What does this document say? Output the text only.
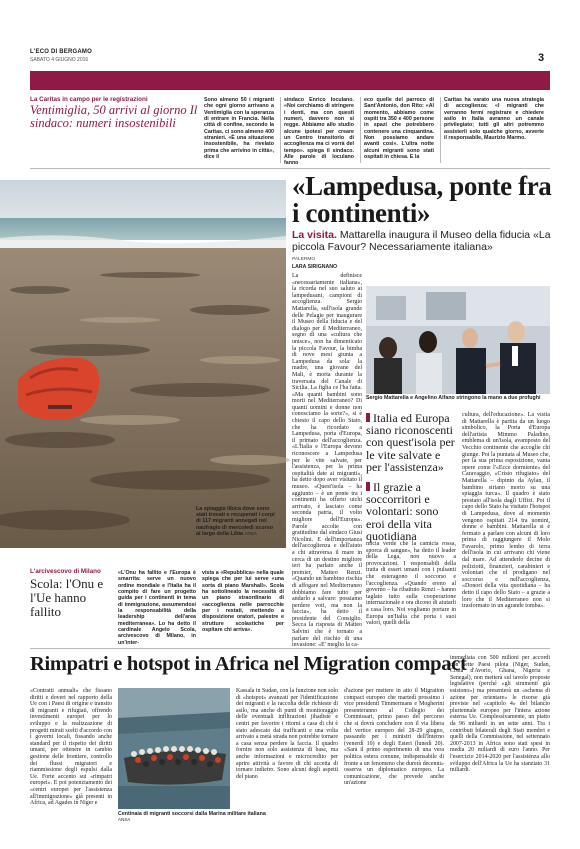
L'ECO DI BERGAMO
SABATO 4 GIUGNO 2016	3
La Caritas in campo per le registrazioni
Ventimiglia, 50 arrivi al giorno Il sindaco: numeri insostenibili
Sono almeno 50 i migranti che ogni giorno arrivano a Ventimiglia con la speranza di entrare in Francia. Nella città di confine, secondo la Caritas, ci sono almeno 400 stranieri. «È una situazione insostenibile, ha rivelato prima che arrivino in città», dice il
sindaco Enrico Ioculano. «Noi cerchiamo di stringere i denti, ma con questi numeri, davvero non si regge. Abbiamo allo studio alcune ipotesi per creare un Centro transitorio di accoglienza ma ci vorrà del tempo». spiega il sindaco. Alle parole di Ioculano fanno
eco quelle del parroco di Sant'Antonio, don Rito: «Al momento, abbiamo come ospiti tra 350 e 400 persone in spazi che potrebbero contenere una cinquantina. Non possiamo andare avanti così». L'ultra notte alcuni migranti sono stati ospitati in chiesa. E la
Caritas ha varato una nuova strategia di accoglienza: «I migranti che verranno fermi registrare e chiedere asilo in Italia avranno un canale privilegiato; tutti gli altri potremmo assisterli solo qualche giorno, avverte il responsabile, Maurizio Marmo.
La spiaggia libica dove sono stati trovati e recuperati i corpi di 117 migranti annegati nel naufragio di mercoledì scorso al largo della Libia ANSA
«Lampedusa, ponte fra i continenti»
La visita. Mattarella inaugura il Museo della fiducia «La piccola Favour? Necessariamente italiana»
PALERMO
LARA SIRIGNANO
La definisce «necessariamente italiana», la ricorda nel suo saluto ai lampedusani, campioni di accoglienza. Sergio Mattarella, sull'isola grande delle Pelagie per inaugurare il Museo della fiducia e del dialogo per il Mediterraneo, segno di una «cultura che unisce», non ha dimenticato la piccola Favour, la bimba di nove mesi giunta a Lampedusa da sola: la madre, una giovane del Mali, è morta durante la traversata del Canale di Sicilia. La figlia ce l'ha fatta. «Ma quanti bambini sono morti nel Mediterraneo? Di quanti uomini e donne non conosciamo la sorte?», si è chiesto il capo dello Stato, che ha ricordato a Lampedusa, porta d'Europa, il primato dell'accoglienza. «L'Italia e l'Europa devono riconoscere a Lampedusa per le vite salvate, per l'assistenza, per la prima ospitalità date ai migranti», ha detto dopo aver visitato il museo. «Quest'isola – ha aggiunto – è un ponte tra i continenti ha offerto uichi arrivato, è lasciato come seconda patria, il volto migliore dell'Europa». Parole accolte con gratitudine dal sindaco Giusi Nicolini. E dell'importanza dell'accoglienza e dell'aiuto a chi attraversa il mare in cerca di un destino migliore ieri ha parlato anche il premier, Matteo Renzi. «Quando un bambino rischia di affogare nel Mediterraneo dobbiamo fare tutto per andarlo a salvare: possiamo perdere voti, ma non la faccia», ha detto il presidente del Consiglio. Secca la risposta di Matteo Salvini che è tornato a parlare del rischio di una invasione: «E' meglio la ca-
Sergio Mattarella e Angelino Alfano stringono la mano a due profughi
Italia ed Europa siano riconoscenti con quest'isola per le vite salvate e per l'assistenza»
Il grazie a soccorritori e volontari: sono eroi della vita quotidiana
micia verde che la camicia rossa, sporca di sangue», ha detto il leader della Lega, non nuovo a provocazioni. I responsabili della tratta di esseri umani con i pulsanti che esteragono il soccorso e l'accoglienza. «Quando ereno al governo – ha ribattuto Renzi – hanno taglato tutto sulla cooperazione internazionale e ora dicono di aiutarli a casa loro. Noi vogliamo portare in Europa un'Italia che porta i suoi valori, quelli della
cultura, dell'educazione». La visita di Mattarella è partita da un luogo simbolico, la Porta d'Europa dell'artista Mimmo Paladino, emblema di un'isola, avamposto del Vecchio continente che accoglie chi giunge. Poi la puntata al Museo che, per la sua prima esposizione, vanta opere come l'«Ecce dormiente» del Caravaggio, «Cristo rifugiato» del Mattarella – dipinto da Aylan, il bambino siriano morto su una spiaggia turca». Il quadro è stato prestato all'isola dagli Uffizi. Poi il capo dello Stato ha visitato l'hotspot di Lampedusa, dove al momento vengono ospitati 214 tra uomini, donne e bambini. Mattarella si è fermato a parlare con alcuni di loro prima di raggiungere il Molo Favarolo, primo lembo di terra dell'isola in cui arrivano chi viene dal mare. Ad attenderlo decine di poliziotti, finanzieri, carabinieri e volontari che el prodigano nel soccorso e nell'accoglienza, «Donori della vita quotidiana – ha detto il capo dello Stato – a grazie a loro che il Mediterraneo non si trasformato in un agrande tomba».
L'arcivescovo di Milano
Scola: l'Onu e l'Ue hanno fallito
«L'Onu ha fallito e l'Europa è smarrita: serve un nuovo ordine mondiale e l'Italia ha il compito di fare un progetto guida per i continenti in tema di immigrazione, assumendosi la responsabilità della leadership dell'area mediterranea». Lo ha detto il cardinale Angelo Scola, arcivescovo di Milano, in un'inter-
vista a «Repubblica» nella quale spiega che per lui serve «una sorta di piano Marshall». Scola ha sottolineato la necessità di un piano straordinario di «accoglienza nelle parrocchie per i restati, mettendo a disposizione oratori, palestre e strutture scolastiche per ospitare chi arriva».
Rimpatri e hotspot in Africa nel Migration compact
«Contratti annuali» che fissano diritti e doveri nel rapporto della Ue con i Paesi di origine e transito di migranti e rifugiati, offrendo investimenti europei per lo sviluppo e la realizzazione di progetti mirati scelti d'accordo con i governi locali, fissando anche standard per il rispetto dei diritti umani, per ottenere in cambio gestione delle frontiere, controllo dei flussi migratori e riammissione degli espulsi dalla Ue. Forte accento sui «rimpatri europei». E poi potenziamento dei «centri europei per l'assistenza all'immigrazione» già presenti in Africa, ad Agades in Niger e
Centinaia di migranti soccorsi dalla Marina militare italiana ANSA
Kassala in Sudan, con la funzione non solo di «hotspot» avanzati per l'identificazione dei migranti e la raccolta delle richieste di asilo, ma anche di punti di monitoraggio delle eventuali infiltrazioni jihadiste e centri per favorire i ritorni a casa di chi è stato adescato dai trafficanti e una volta arrivato a metà strada non potrebbe tornare a casa senza perdere la faccia. Il quadro fornire non solo assistenza di base, ma anche informazioni e microcredito per aprire attività a favore di chi accetta di tornare indietro. Sono alcuni degli aspetti del piano
d'azione per mettere in atto il Migration compact europeo che martedì prossimo i vice presidenti Timmermans e Mogherini presenteranno al Collegio dei Commissari, primo passo del percorso che si dovrà concludere con il via libera del vertice europeo del 28-29 giugno, passando per i ministri dell'Interno (venerdì 10) e degli Esteri (lunedì 20). «Sarà il primo esperimento di una vera politica estera comune, indispensabile di fronte a un fenomeno che durerà decenni» osserva un diplomatico europeo. La comunicazione, che prevede anche un'azione
immediata con 500 milioni per accordi con sette Paesi pilota (Niger, Sudan, Costa d'Avorio, Ghana, Nigeria e Senegal), non metterà sul tavolo proposte legislative (perché «gli strumenti già esistono») ma presenterà un «schema di azione per orientare» le risorse già previste nel «capitolo 4» del bilancio pluriennale europeo per l'intera azione esterna Ue. Complessivamente, un piatto da 96 miliardi in un sette anni. Tra i contributi bilaterali degli Stati membri e quelli della Commissione, nel settennato 2007-2013 in Africa sono stati spesi in media 20 miliardi di euro l'anno. Per l'esercizio 2014-2020 per l'assistenza allo sviluppo dell'Africa la Ue ha stanziato 31 miliardi.
